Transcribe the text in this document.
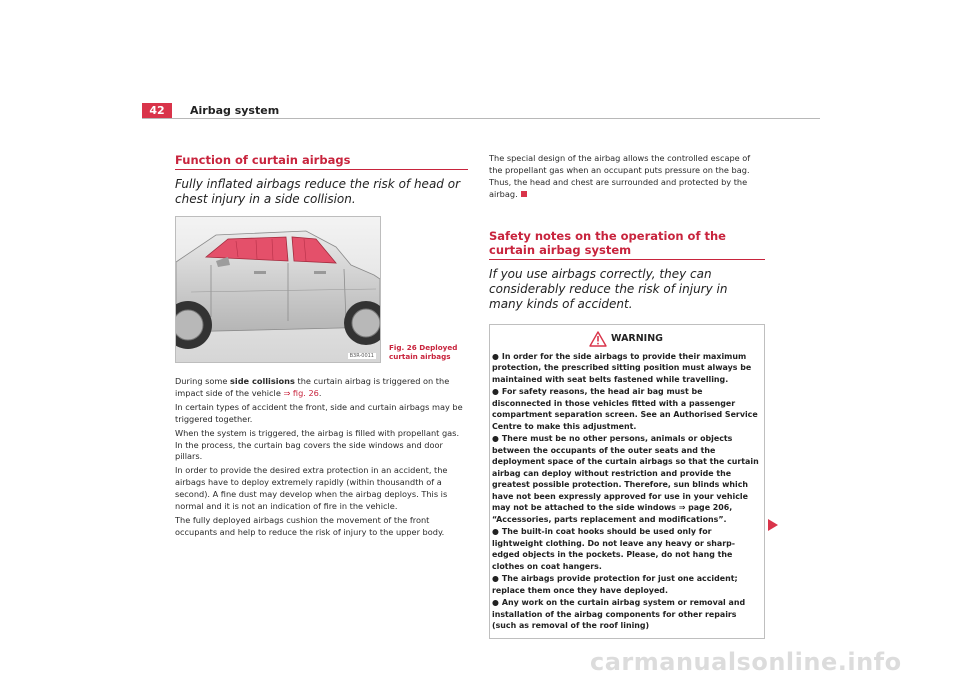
42	Airbag system
Function of curtain airbags

Fully inflated airbags reduce the risk of head or chest injury in a side collision.

B3R-0011
Fig. 26 Deployed curtain airbags

During some side collisions the curtain airbag is triggered on the impact side of the vehicle ⇒ fig. 26.

In certain types of accident the front, side and curtain airbags may be triggered together.

When the system is triggered, the airbag is filled with propellant gas. In the process, the curtain bag covers the side windows and door pillars.

In order to provide the desired extra protection in an accident, the airbags have to deploy extremely rapidly (within thousandth of a second). A fine dust may develop when the airbag deploys. This is normal and it is not an indication of fire in the vehicle.

The fully deployed airbags cushion the movement of the front occupants and help to reduce the risk of injury to the upper body.

The special design of the airbag allows the controlled escape of the propellant gas when an occupant puts pressure on the bag. Thus, the head and chest are surrounded and protected by the airbag.

Safety notes on the operation of the curtain airbag system

If you use airbags correctly, they can considerably reduce the risk of injury in many kinds of accident.

WARNING

● In order for the side airbags to provide their maximum protection, the prescribed sitting position must always be maintained with seat belts fastened while travelling.

● For safety reasons, the head air bag must be disconnected in those vehicles fitted with a passenger compartment separation screen. See an Authorised Service Centre to make this adjustment.

● There must be no other persons, animals or objects between the occupants of the outer seats and the deployment space of the curtain airbags so that the curtain airbag can deploy without restriction and provide the greatest possible protection. Therefore, sun blinds which have not been expressly approved for use in your vehicle may not be attached to the side windows ⇒ page 206, “Accessories, parts replacement and modifications”.

● The built-in coat hooks should be used only for lightweight clothing. Do not leave any heavy or sharp-edged objects in the pockets. Please, do not hang the clothes on coat hangers.

● The airbags provide protection for just one accident; replace them once they have deployed.

● Any work on the curtain airbag system or removal and installation of the airbag components for other repairs (such as removal of the roof lining)

carmanualsonline.info
